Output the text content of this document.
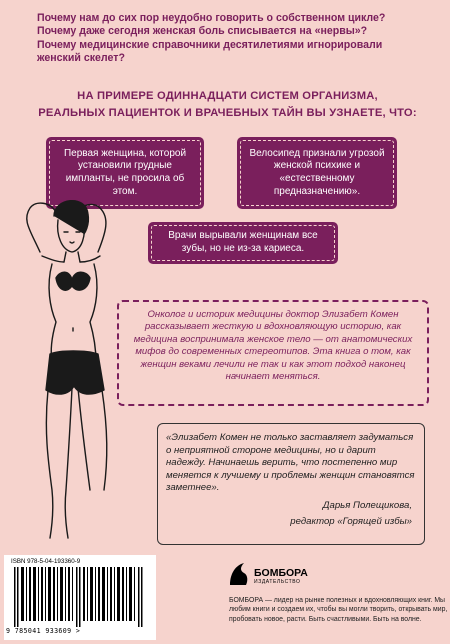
Почему нам до сих пор неудобно говорить о собственном цикле?

Почему даже сегодня женская боль списывается на «нервы»?

Почему медицинские справочники десятилетиями игнорировали женский скелет?

НА ПРИМЕРЕ ОДИННАДЦАТИ СИСТЕМ ОРГАНИЗМА,

РЕАЛЬНЫХ ПАЦИЕНТОК И ВРАЧЕБНЫХ ТАЙН ВЫ УЗНАЕТЕ, ЧТО:

Первая женщина, которой установили грудные импланты, не просила об этом.
Велосипед признали угрозой женской психике и «естественному предназначению».
Врачи вырывали женщинам все зубы, но не из-за кариеса.

Онколог и историк медицины доктор Элизабет Комен рассказывает жесткую и вдохновляющую историю, как медицина воспринимала женское тело — от анатомических мифов до современных стереотипов. Эта книга о том, как женщин веками лечили не так и как этот подход наконец начинает меняться.

«Элизабет Комен не только заставляет задуматься о неприятной стороне медицины, но и дарит надежду. Начинаешь верить, что постепенно мир меняется к лучшему и проблемы женщин становятся заметнее».

Дарья Полещикова,

редактор «Горящей избы»

ISBN 978-5-04-193360-9
9 785041 933609 >
БОМБОРА
ИЗДАТЕЛЬСТВО

БОМБОРА — лидер на рынке полезных и вдохновляющих книг. Мы любим книги и создаем их, чтобы вы могли творить, открывать мир, пробовать новое, расти. Быть счастливыми. Быть на волне.
